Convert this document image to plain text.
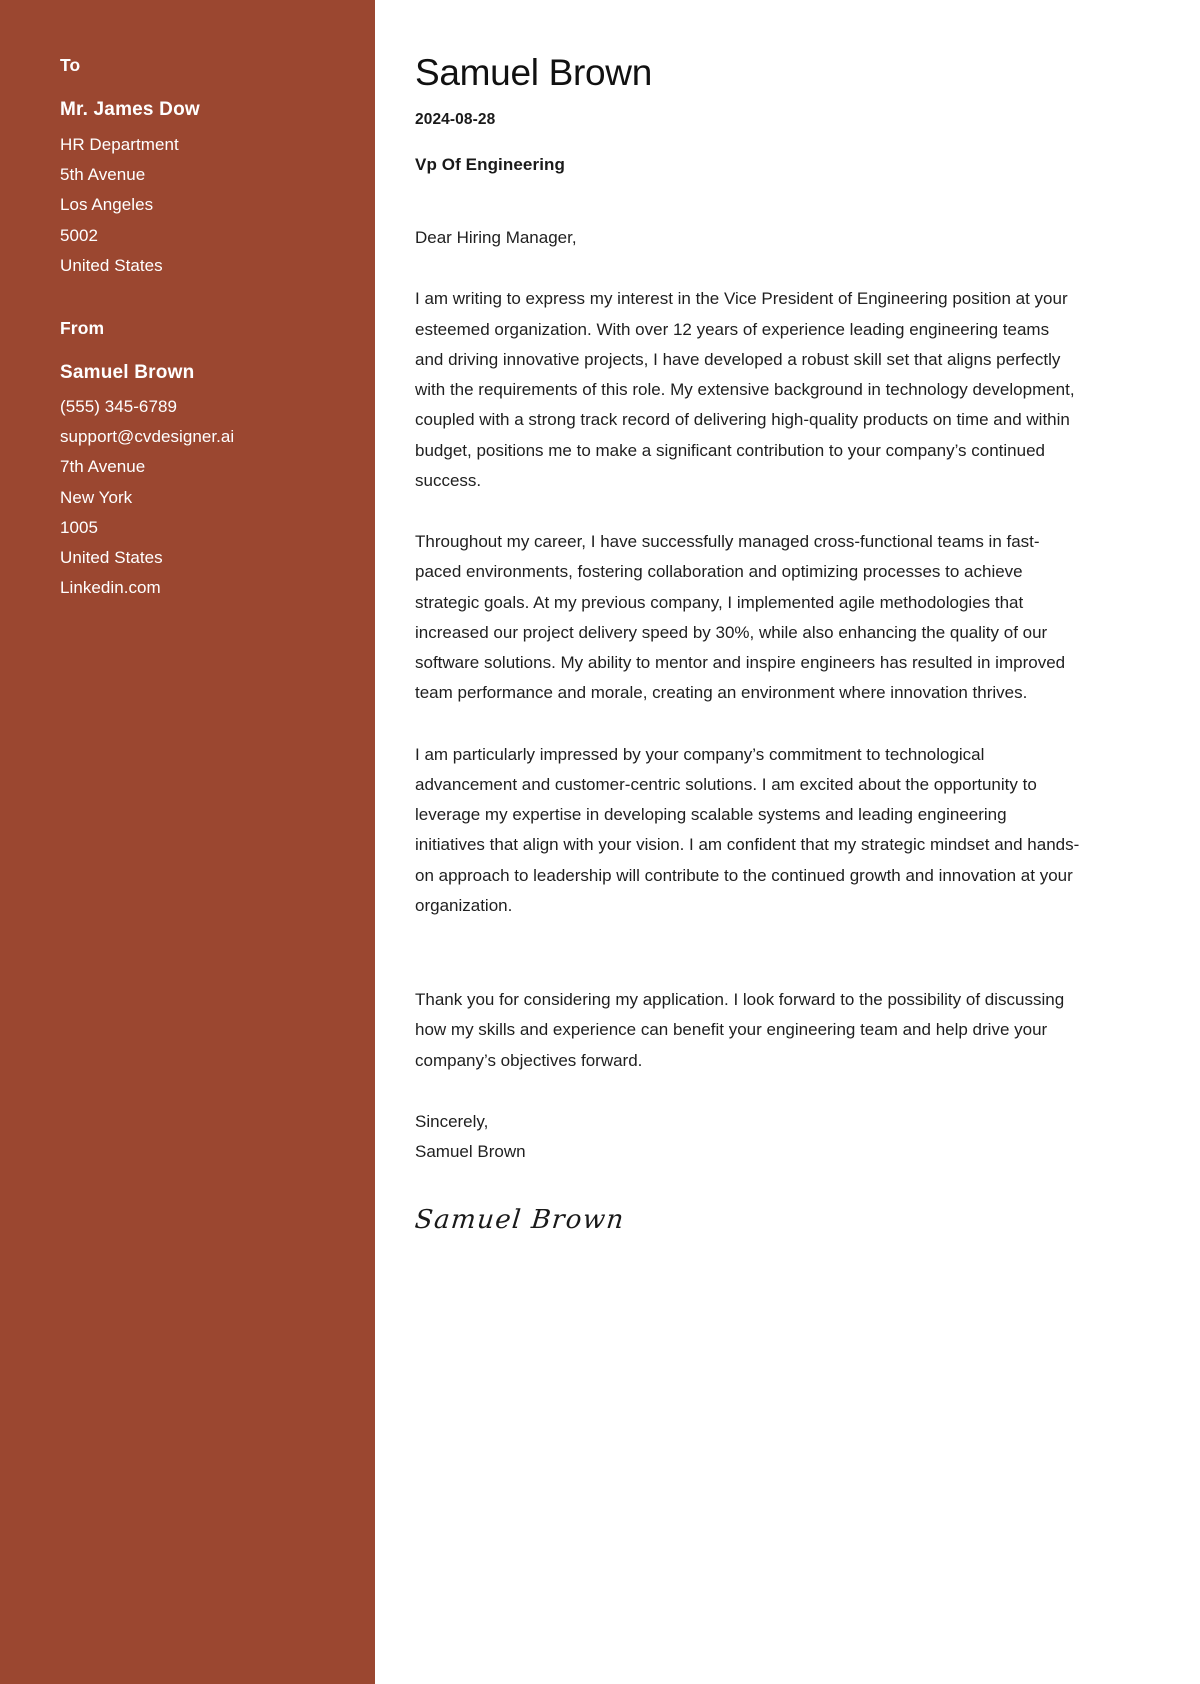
To
Mr. James Dow
HR Department
5th Avenue
Los Angeles
5002
United States
From
Samuel Brown
(555) 345-6789
support@cvdesigner.ai
7th Avenue
New York
1005
United States
Linkedin.com
Samuel Brown
2024-08-28
Vp Of Engineering

Dear Hiring Manager,

I am writing to express my interest in the Vice President of Engineering position at your esteemed organization. With over 12 years of experience leading engineering teams and driving innovative projects, I have developed a robust skill set that aligns perfectly with the requirements of this role. My extensive background in technology development, coupled with a strong track record of delivering high-quality products on time and within budget, positions me to make a significant contribution to your company’s continued success.

Throughout my career, I have successfully managed cross-functional teams in fast-paced environments, fostering collaboration and optimizing processes to achieve strategic goals. At my previous company, I implemented agile methodologies that increased our project delivery speed by 30%, while also enhancing the quality of our software solutions. My ability to mentor and inspire engineers has resulted in improved team performance and morale, creating an environment where innovation thrives.

I am particularly impressed by your company’s commitment to technological advancement and customer-centric solutions. I am excited about the opportunity to leverage my expertise in developing scalable systems and leading engineering initiatives that align with your vision. I am confident that my strategic mindset and hands-on approach to leadership will contribute to the continued growth and innovation at your organization.

Thank you for considering my application. I look forward to the possibility of discussing how my skills and experience can benefit your engineering team and help drive your company’s objectives forward.

Sincerely,
Samuel Brown
Samuel Brown
